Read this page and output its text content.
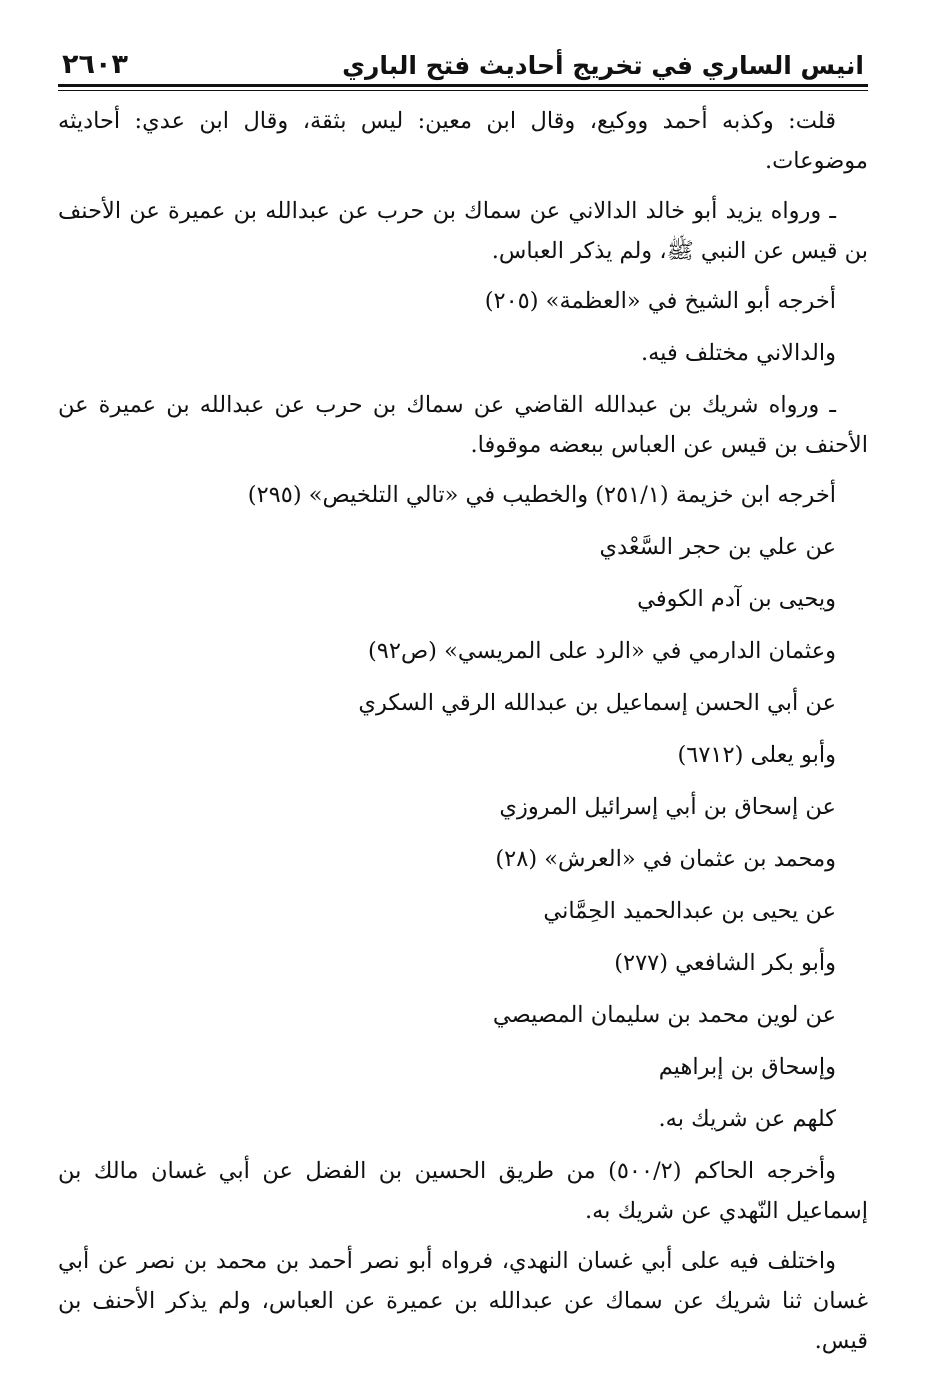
انيس الساري في تخريج أحاديث فتح الباري
٢٦٠٣

قلت: وكذبه أحمد ووكيع، وقال ابن معين: ليس بثقة، وقال ابن عدي: أحاديثه موضوعات.

ـ ورواه يزيد أبو خالد الدالاني عن سماك بن حرب عن عبدالله بن عميرة عن الأحنف بن قيس عن النبي ﷺ، ولم يذكر العباس.

أخرجه أبو الشيخ في «العظمة» (٢٠٥)

والدالاني مختلف فيه.

ـ ورواه شريك بن عبدالله القاضي عن سماك بن حرب عن عبدالله بن عميرة عن الأحنف بن قيس عن العباس ببعضه موقوفا.

أخرجه ابن خزيمة (٢٥١/١) والخطيب في «تالي التلخيص» (٢٩٥)

عن علي بن حجر السَّعْدي

ويحيى بن آدم الكوفي

وعثمان الدارمي في «الرد على المريسي» (ص٩٢)

عن أبي الحسن إسماعيل بن عبدالله الرقي السكري

وأبو يعلى (٦٧١٢)

عن إسحاق بن أبي إسرائيل المروزي

ومحمد بن عثمان في «العرش» (٢٨)

عن يحيى بن عبدالحميد الحِمَّاني

وأبو بكر الشافعي (٢٧٧)

عن لوين محمد بن سليمان المصيصي

وإسحاق بن إبراهيم

كلهم عن شريك به.

وأخرجه الحاكم (٥٠٠/٢) من طريق الحسين بن الفضل عن أبي غسان مالك بن إسماعيل النّهدي عن شريك به.

واختلف فيه على أبي غسان النهدي، فرواه أبو نصر أحمد بن محمد بن نصر عن أبي غسان ثنا شريك عن سماك عن عبدالله بن عميرة عن العباس، ولم يذكر الأحنف بن قيس.
